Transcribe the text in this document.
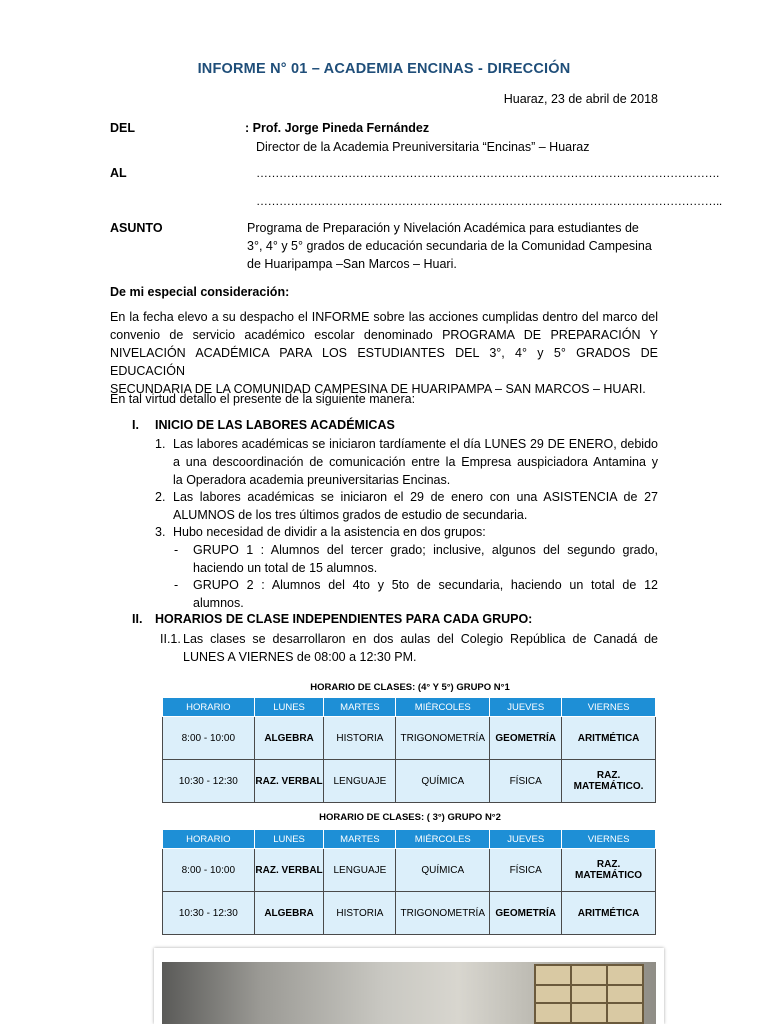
INFORME N° 01 – ACADEMIA ENCINAS - DIRECCIÓN
Huaraz, 23 de abril de 2018
DEL	: Prof. Jorge Pineda Fernández
Director de la Academia Preuniversitaria “Encinas” – Huaraz
AL	………………………………………………………………………………………………………….
…………………………………………………………………………………………………………..
ASUNTO	Programa de Preparación y Nivelación Académica para estudiantes de
3°, 4° y 5° grados de educación secundaria de la Comunidad Campesina
de Huaripampa –San Marcos – Huari.
De mi especial consideración:
En la fecha elevo a su despacho el INFORME sobre las acciones cumplidas dentro del marco del
convenio de servicio académico escolar denominado PROGRAMA DE PREPARACIÓN Y
NIVELACIÓN ACADÉMICA PARA LOS ESTUDIANTES DEL 3°, 4° y 5° GRADOS DE EDUCACIÓN
SECUNDARIA DE LA COMUNIDAD CAMPESINA DE HUARIPAMPA – SAN MARCOS – HUARI.
En tal virtud detallo el presente de la siguiente manera:
I. INICIO DE LAS LABORES ACADÉMICAS
1. Las labores académicas se iniciaron tardíamente el día LUNES 29 DE ENERO, debido
a una descoordinación de comunicación entre la Empresa auspiciadora Antamina y
la Operadora academia preuniversitarias Encinas.
2. Las labores académicas se iniciaron el 29 de enero con una ASISTENCIA de 27
ALUMNOS de los tres últimos grados de estudio de secundaria.
3. Hubo necesidad de dividir a la asistencia en dos grupos:
- GRUPO 1 : Alumnos del tercer grado; inclusive, algunos del segundo grado,
haciendo un total de 15 alumnos.
- GRUPO 2 : Alumnos del 4to y 5to de secundaria, haciendo un total de 12
alumnos.
II. HORARIOS DE CLASE INDEPENDIENTES PARA CADA GRUPO:
II.1. Las clases se desarrollaron en dos aulas del Colegio República de Canadá de
LUNES A VIERNES de 08:00 a 12:30 PM.
HORARIO DE CLASES: (4° Y 5°) GRUPO N°1
HORARIO	LUNES	MARTES	MIÉRCOLES	JUEVES	VIERNES
8:00 - 10:00	ALGEBRA	HISTORIA	TRIGONOMETRÍA	GEOMETRÍA	ARITMÉTICA
10:30 - 12:30	RAZ. VERBAL	LENGUAJE	QUÍMICA	FÍSICA	RAZ. MATEMÁTICO.
HORARIO DE CLASES: ( 3°) GRUPO N°2
HORARIO	LUNES	MARTES	MIÉRCOLES	JUEVES	VIERNES
8:00 - 10:00	RAZ. VERBAL	LENGUAJE	QUÍMICA	FÍSICA	RAZ. MATEMÁTICO
10:30 - 12:30	ALGEBRA	HISTORIA	TRIGONOMETRÍA	GEOMETRÍA	ARITMÉTICA
